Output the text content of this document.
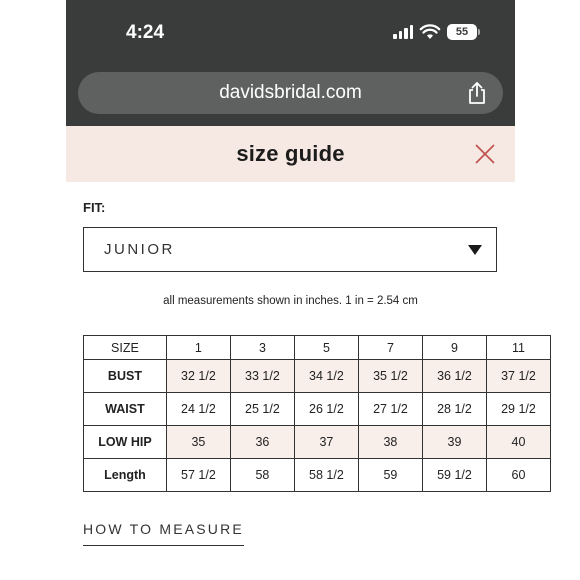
4:24	55
davidsbridal.com
size guide
FIT:
JUNIOR
all measurements shown in inches. 1 in = 2.54 cm
SIZE	1	3	5	7	9	11
BUST	32 1/2	33 1/2	34 1/2	35 1/2	36 1/2	37 1/2
WAIST	24 1/2	25 1/2	26 1/2	27 1/2	28 1/2	29 1/2
LOW HIP	35	36	37	38	39	40
Length	57 1/2	58	58 1/2	59	59 1/2	60
HOW TO MEASURE
